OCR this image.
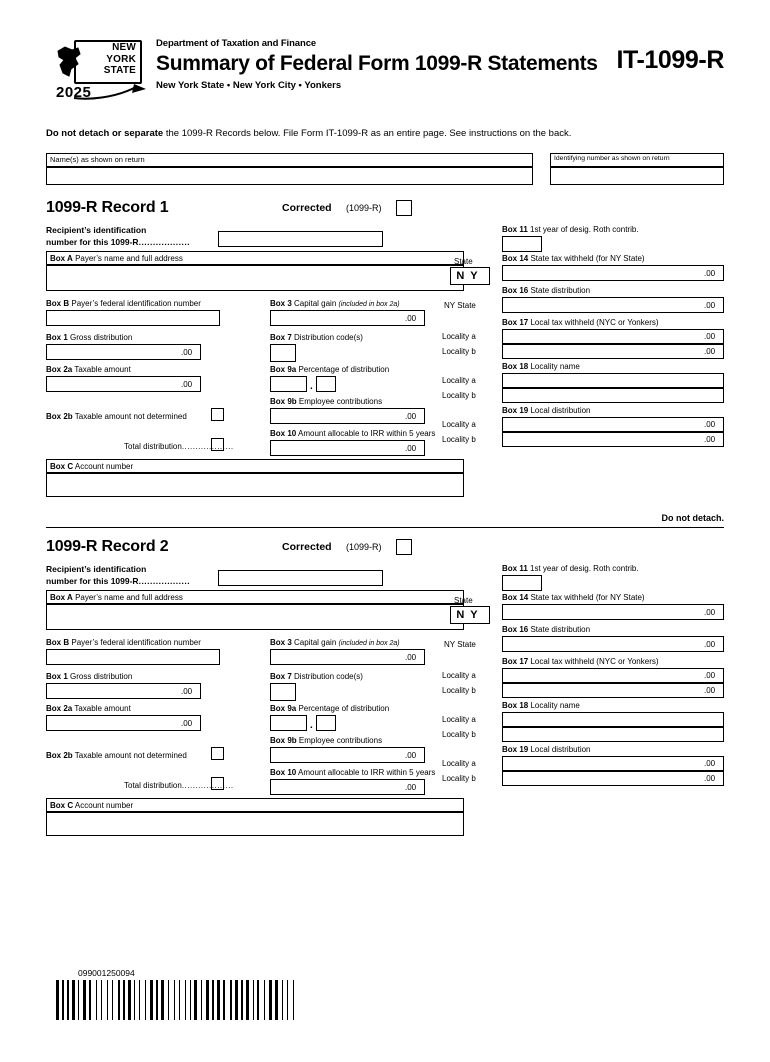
NEW
YORK
STATE
2025
Department of Taxation and Finance
Summary of Federal Form 1099-R Statements
New York State • New York City • Yonkers
IT-1099-R
Do not detach or separate the 1099-R Records below. File Form IT-1099-R as an entire page. See instructions on the back.
Name(s) as shown on return	Identifying number as shown on return
1099-R Record 1	Corrected (1099-R)
Recipient’s identification
number for this 1099-R..................
Box A Payer’s name and full address
Box B Payer’s federal identification number
Box 1 Gross distribution
.00
Box 2a Taxable amount
.00
Box 2b Taxable amount not determined
Total distribution...................
Box C Account number
Box 3 Capital gain (included in box 2a)
.00
Box 7 Distribution code(s)
Box 9a Percentage of distribution
.
Box 9b Employee contributions
.00
Box 10 Amount allocable to IRR within 5 years
.00
Box 11 1st year of desig. Roth contrib.
State
NY
Box 14 State tax withheld (for NY State)
.00
Box 16 State distribution
.00
NY State
Box 17 Local tax withheld (NYC or Yonkers)
.00
.00
Locality a
Locality b
Box 18 Locality name
Locality a
Locality b
Box 19 Local distribution
.00
.00
Locality a
Locality b
Do not detach.
1099-R Record 2	Corrected (1099-R)
Recipient’s identification
number for this 1099-R..................
Box A Payer’s name and full address
Box B Payer’s federal identification number
Box 1 Gross distribution
.00
Box 2a Taxable amount
.00
Box 2b Taxable amount not determined
Total distribution...................
Box C Account number
Box 3 Capital gain (included in box 2a)
.00
Box 7 Distribution code(s)
Box 9a Percentage of distribution
.
Box 9b Employee contributions
.00
Box 10 Amount allocable to IRR within 5 years
.00
Box 11 1st year of desig. Roth contrib.
State
NY
Box 14 State tax withheld (for NY State)
.00
Box 16 State distribution
.00
NY State
Box 17 Local tax withheld (NYC or Yonkers)
.00
.00
Locality a
Locality b
Box 18 Locality name
Locality a
Locality b
Box 19 Local distribution
.00
.00
Locality a
Locality b
099001250094
